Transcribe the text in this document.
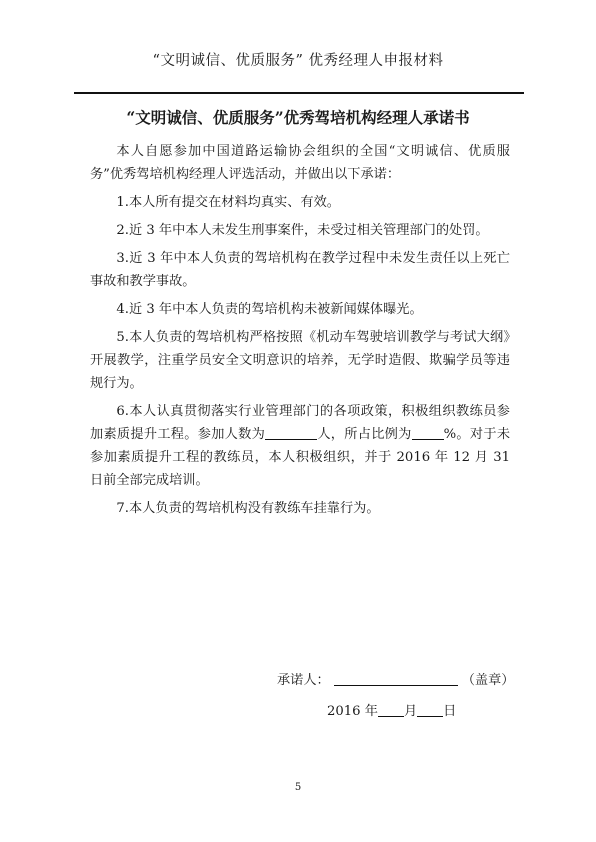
“文明诚信、优质服务” 优秀经理人申报材料
“文明诚信、优质服务”优秀驾培机构经理人承诺书

本人自愿参加中国道路运输协会组织的全国“文明诚信、优质服务”优秀驾培机构经理人评选活动，并做出以下承诺：

1.本人所有提交在材料均真实、有效。

2.近 3 年中本人未发生刑事案件，未受过相关管理部门的处罚。

3.近 3 年中本人负责的驾培机构在教学过程中未发生责任以上死亡事故和教学事故。

4.近 3 年中本人负责的驾培机构未被新闻媒体曝光。

5.本人负责的驾培机构严格按照《机动车驾驶培训教学与考试大纲》开展教学，注重学员安全文明意识的培养，无学时造假、欺骗学员等违规行为。

6.本人认真贯彻落实行业管理部门的各项政策，积极组织教练员参加素质提升工程。参加人数为	人，所占比例为 %。对于未参加素质提升工程的教练员，本人积极组织，并于 2016 年 12 月 31 日前全部完成培训。

7.本人负责的驾培机构没有教练车挂靠行为。

承诺人：	（盖章）
2016 年 月 日
5
